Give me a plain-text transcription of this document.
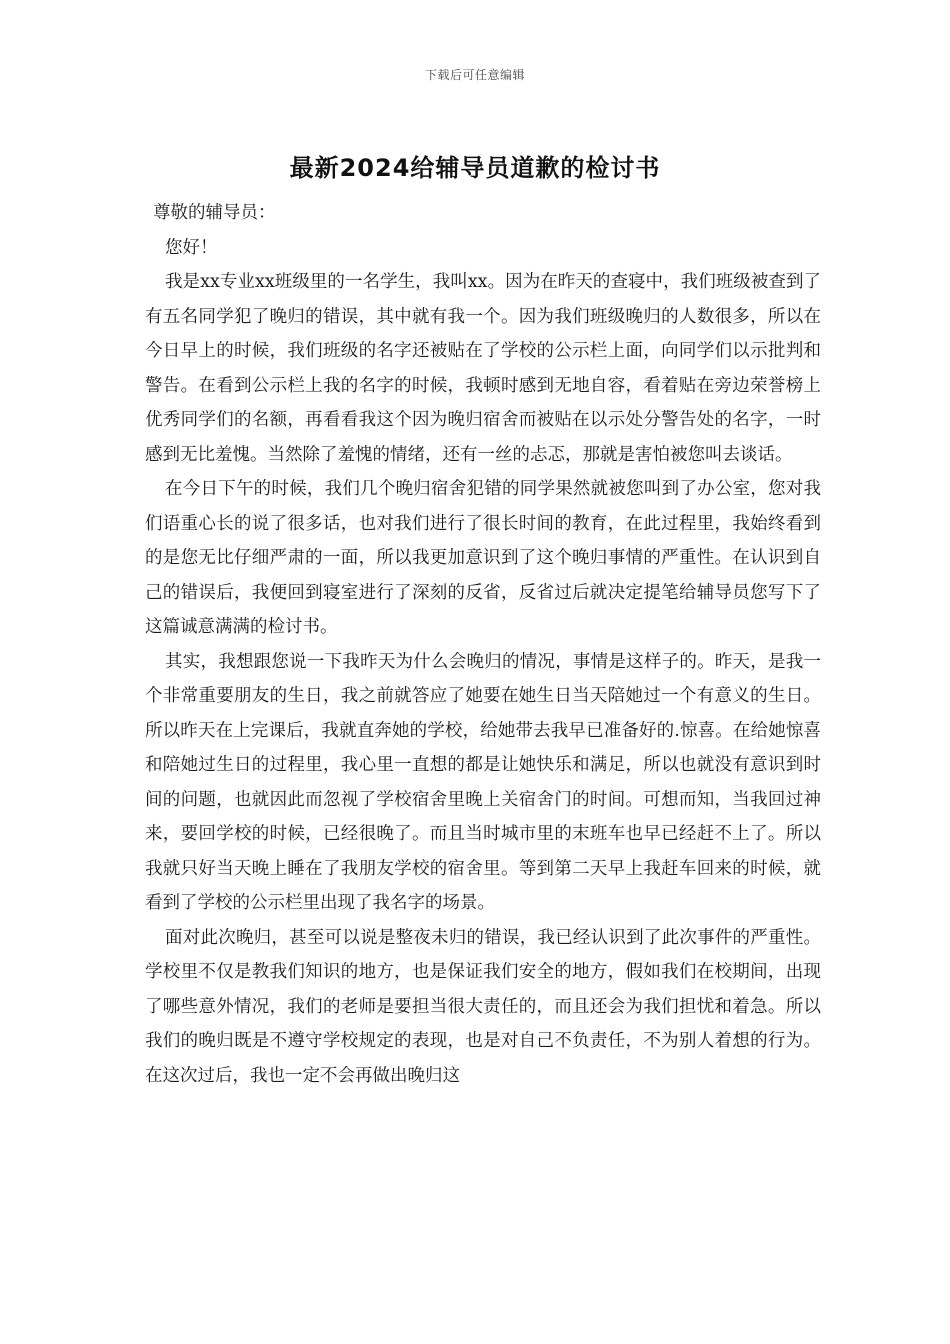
下载后可任意编辑
最新2024给辅导员道歉的检讨书

尊敬的辅导员：

您好！

我是xx专业xx班级里的一名学生，我叫xx。因为在昨天的查寝中，我们班级被查到了有五名同学犯了晚归的错误，其中就有我一个。因为我们班级晚归的人数很多，所以在今日早上的时候，我们班级的名字还被贴在了学校的公示栏上面，向同学们以示批判和警告。在看到公示栏上我的名字的时候，我顿时感到无地自容，看着贴在旁边荣誉榜上优秀同学们的名额，再看看我这个因为晚归宿舍而被贴在以示处分警告处的名字，一时感到无比羞愧。当然除了羞愧的情绪，还有一丝的忐忑，那就是害怕被您叫去谈话。

在今日下午的时候，我们几个晚归宿舍犯错的同学果然就被您叫到了办公室，您对我们语重心长的说了很多话，也对我们进行了很长时间的教育，在此过程里，我始终看到的是您无比仔细严肃的一面，所以我更加意识到了这个晚归事情的严重性。在认识到自己的错误后，我便回到寝室进行了深刻的反省，反省过后就决定提笔给辅导员您写下了这篇诚意满满的检讨书。

其实，我想跟您说一下我昨天为什么会晚归的情况，事情是这样子的。昨天，是我一个非常重要朋友的生日，我之前就答应了她要在她生日当天陪她过一个有意义的生日。所以昨天在上完课后，我就直奔她的学校，给她带去我早已准备好的.惊喜。在给她惊喜和陪她过生日的过程里，我心里一直想的都是让她快乐和满足，所以也就没有意识到时间的问题，也就因此而忽视了学校宿舍里晚上关宿舍门的时间。可想而知，当我回过神来，要回学校的时候，已经很晚了。而且当时城市里的末班车也早已经赶不上了。所以我就只好当天晚上睡在了我朋友学校的宿舍里。等到第二天早上我赶车回来的时候，就看到了学校的公示栏里出现了我名字的场景。

面对此次晚归，甚至可以说是整夜未归的错误，我已经认识到了此次事件的严重性。学校里不仅是教我们知识的地方，也是保证我们安全的地方，假如我们在校期间，出现了哪些意外情况，我们的老师是要担当很大责任的，而且还会为我们担忧和着急。所以我们的晚归既是不遵守学校规定的表现，也是对自己不负责任，不为别人着想的行为。在这次过后，我也一定不会再做出晚归这
